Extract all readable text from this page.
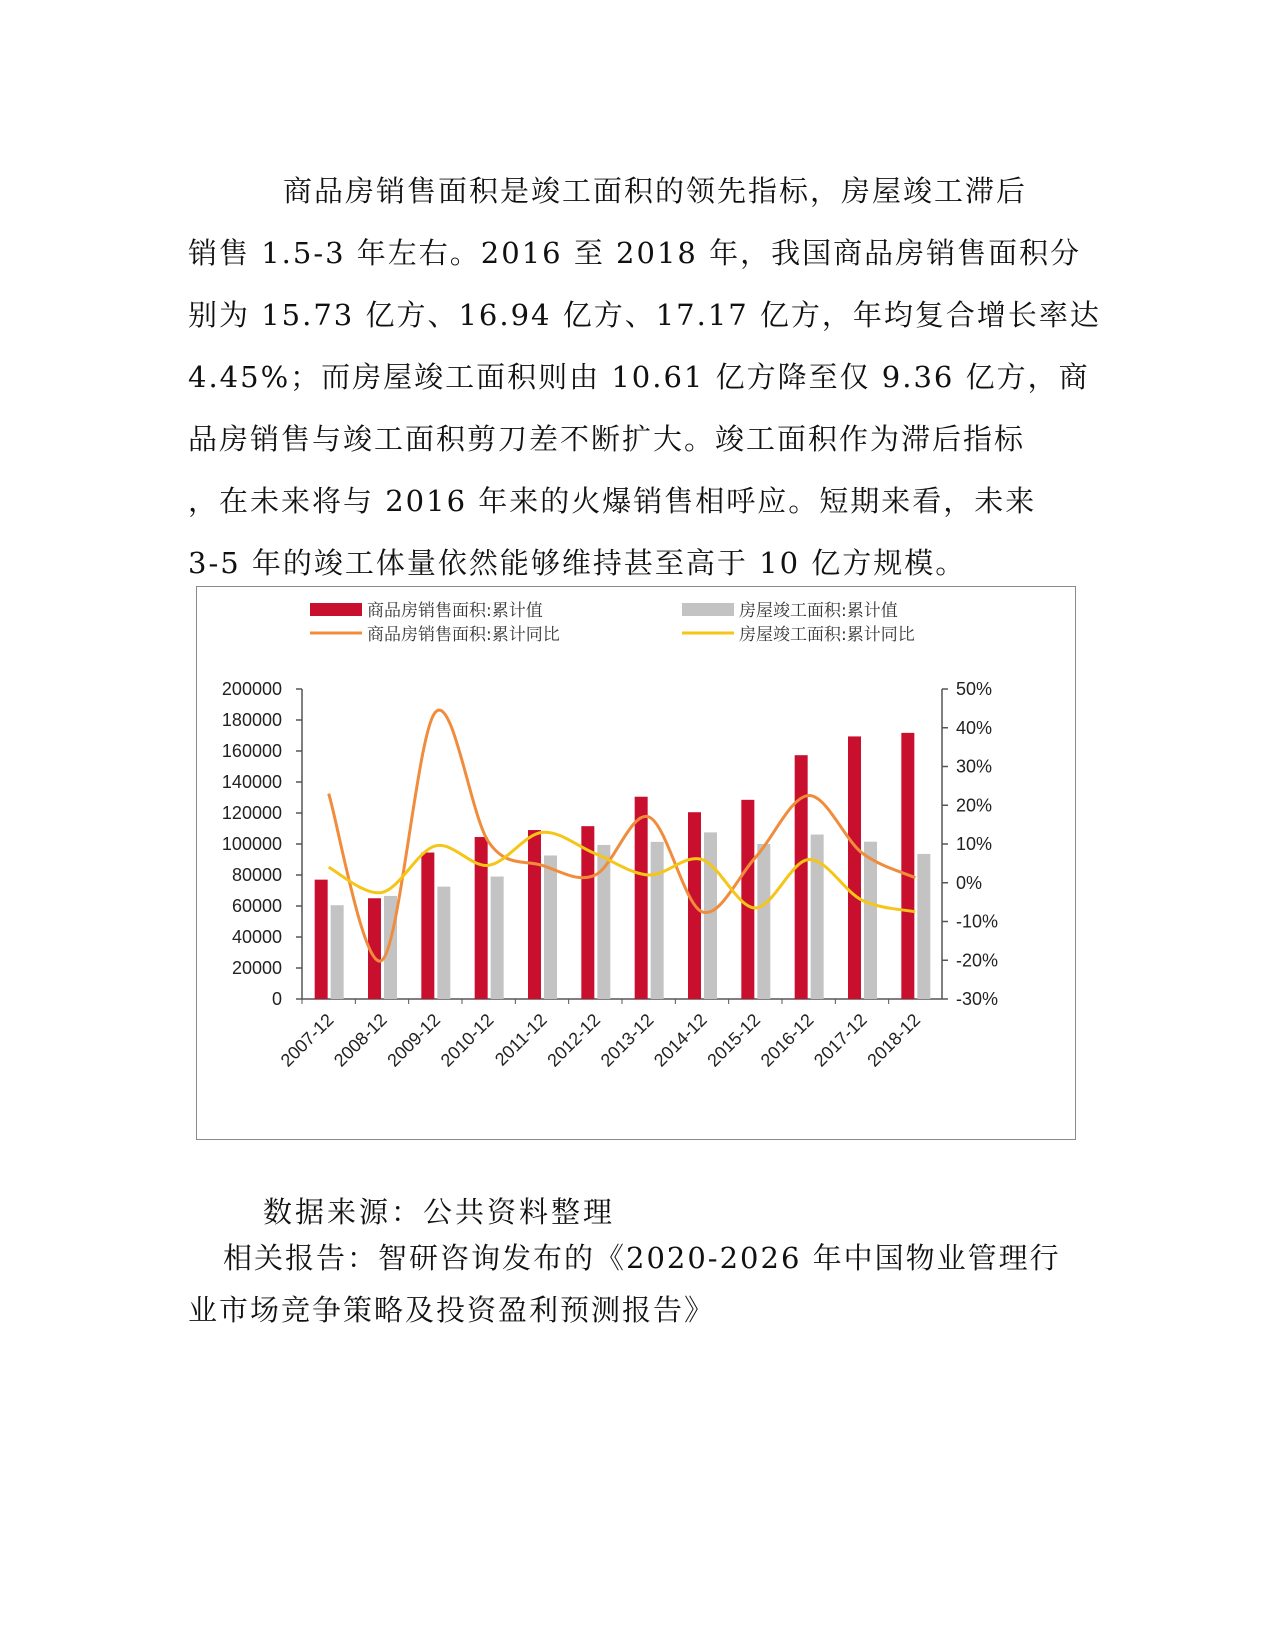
商品房销售面积是竣工面积的领先指标，房屋竣工滞后
销售 1.5-3 年左右。2016 至 2018 年，我国商品房销售面积分
别为 15.73 亿方、16.94 亿方、17.17 亿方，年均复合增长率达
4.45%；而房屋竣工面积则由 10.61 亿方降至仅 9.36 亿方，商
品房销售与竣工面积剪刀差不断扩大。竣工面积作为滞后指标
，在未来将与 2016 年来的火爆销售相呼应。短期来看，未来
3-5 年的竣工体量依然能够维持甚至高于 10 亿方规模。
商品房销售面积:累计值
商品房销售面积:累计同比
房屋竣工面积:累计值
房屋竣工面积:累计同比
200000
180000
160000
140000
120000
100000
80000
60000
40000
20000
0
50%
40%
30%
20%
10%
0%
-10%
-20%
-30%
2007-12
2008-12
2009-12
2010-12
2011-12
2012-12
2013-12
2014-12
2015-12
2016-12
2017-12
2018-12
数据来源：公共资料整理
相关报告：智研咨询发布的《2020-2026 年中国物业管理行
业市场竞争策略及投资盈利预测报告》
